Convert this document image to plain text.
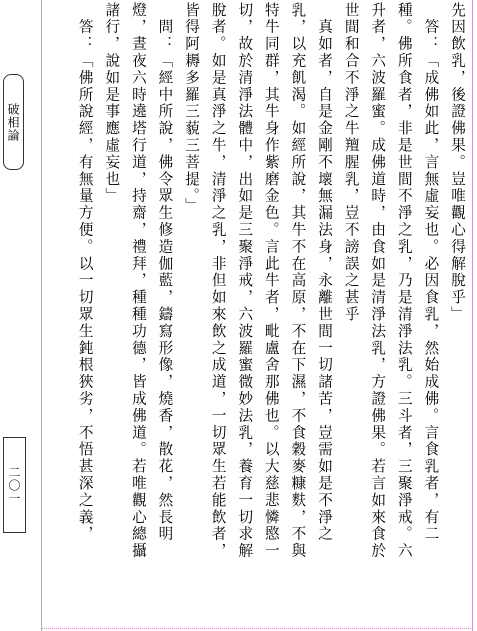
破相論
二〇一
先因飲乳，後證佛果。豈唯觀心得解脫乎」
　答：「成佛如此，言無虛妄也。必因食乳，然始成佛。言食乳者，有二
種。佛所食者，非是世間不淨之乳，乃是清淨法乳。三斗者，三聚淨戒。六
升者，六波羅蜜。成佛道時，由食如是清淨法乳，方證佛果。若言如來食於
世間和合不淨之牛羶腥乳，豈不謗誤之甚乎
　真如者，自是金剛不壞無漏法身，永離世間一切諸苦，豈需如是不淨之
乳，以充飢渴。如經所說，其牛不在高原，不在下濕，不食穀麥糠麩，不與
特牛同群，其牛身作紫磨金色。言此牛者，毗盧舍那佛也。以大慈悲憐愍一
切，故於清淨法體中，出如是三聚淨戒，六波羅蜜微妙法乳，養育一切求解
脫者。如是真淨之牛，清淨之乳，非但如來飲之成道，一切眾生若能飲者，
皆得阿耨多羅三藐三菩提。」
　問：「經中所說，佛令眾生修造伽藍，鑄寫形像，燒香，散花，然長明
燈，晝夜六時遶塔行道，持齋，禮拜，種種功德，皆成佛道。若唯觀心總攝
諸行，說如是事應虛妄也」
　答：「佛所說經，有無量方便。以一切眾生鈍根狹劣，不悟甚深之義，
